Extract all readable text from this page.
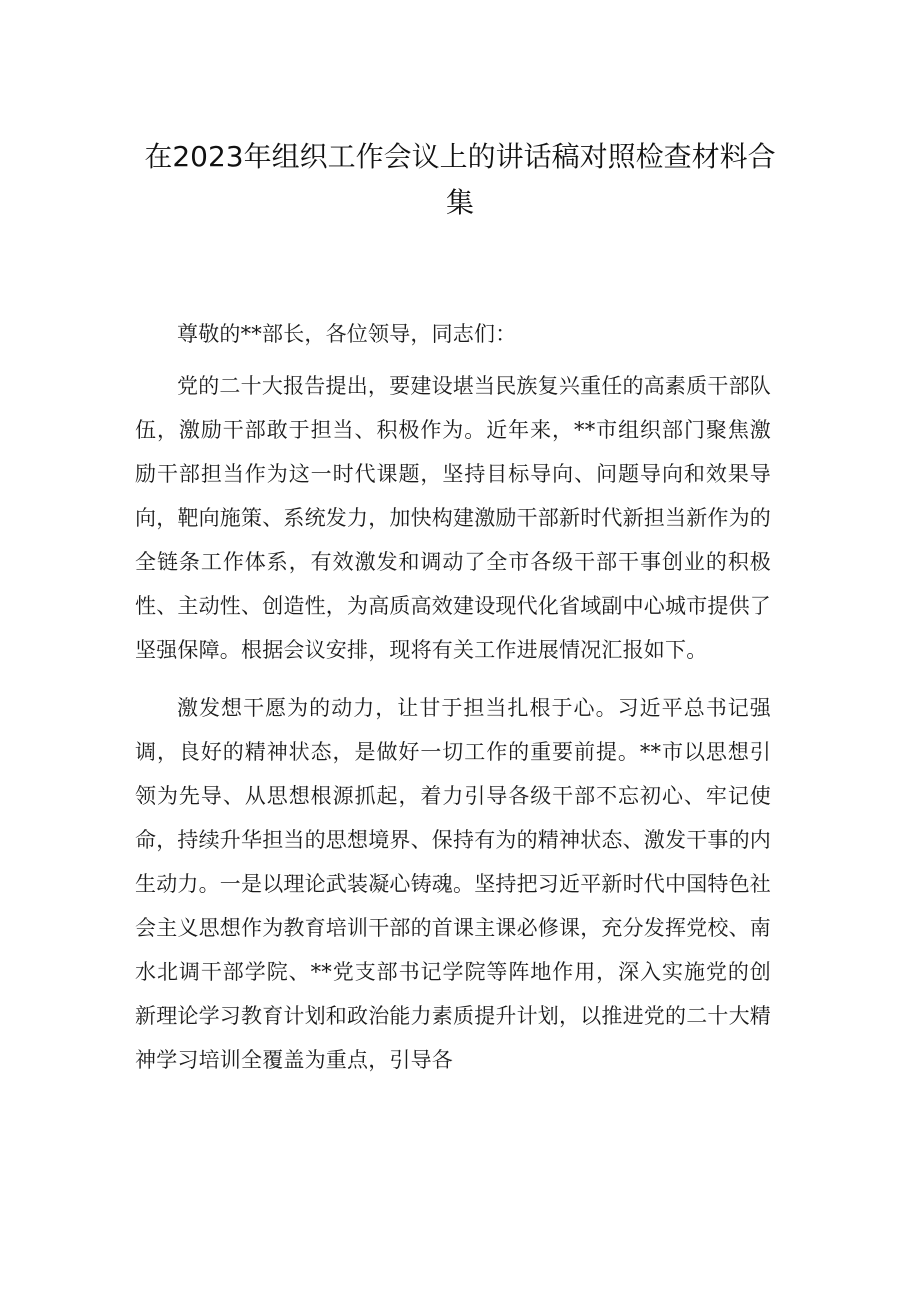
在2023年组织工作会议上的讲话稿对照检查材料合集

尊敬的**部长，各位领导，同志们：

党的二十大报告提出，要建设堪当民族复兴重任的高素质干部队伍，激励干部敢于担当、积极作为。近年来，**市组织部门聚焦激励干部担当作为这一时代课题，坚持目标导向、问题导向和效果导向，靶向施策、系统发力，加快构建激励干部新时代新担当新作为的全链条工作体系，有效激发和调动了全市各级干部干事创业的积极性、主动性、创造性，为高质高效建设现代化省域副中心城市提供了坚强保障。根据会议安排，现将有关工作进展情况汇报如下。

激发想干愿为的动力，让甘于担当扎根于心。习近平总书记强调，良好的精神状态，是做好一切工作的重要前提。**市以思想引领为先导、从思想根源抓起，着力引导各级干部不忘初心、牢记使命，持续升华担当的思想境界、保持有为的精神状态、激发干事的内生动力。一是以理论武装凝心铸魂。坚持把习近平新时代中国特色社会主义思想作为教育培训干部的首课主课必修课，充分发挥党校、南水北调干部学院、**党支部书记学院等阵地作用，深入实施党的创新理论学习教育计划和政治能力素质提升计划，以推进党的二十大精神学习培训全覆盖为重点，引导各
